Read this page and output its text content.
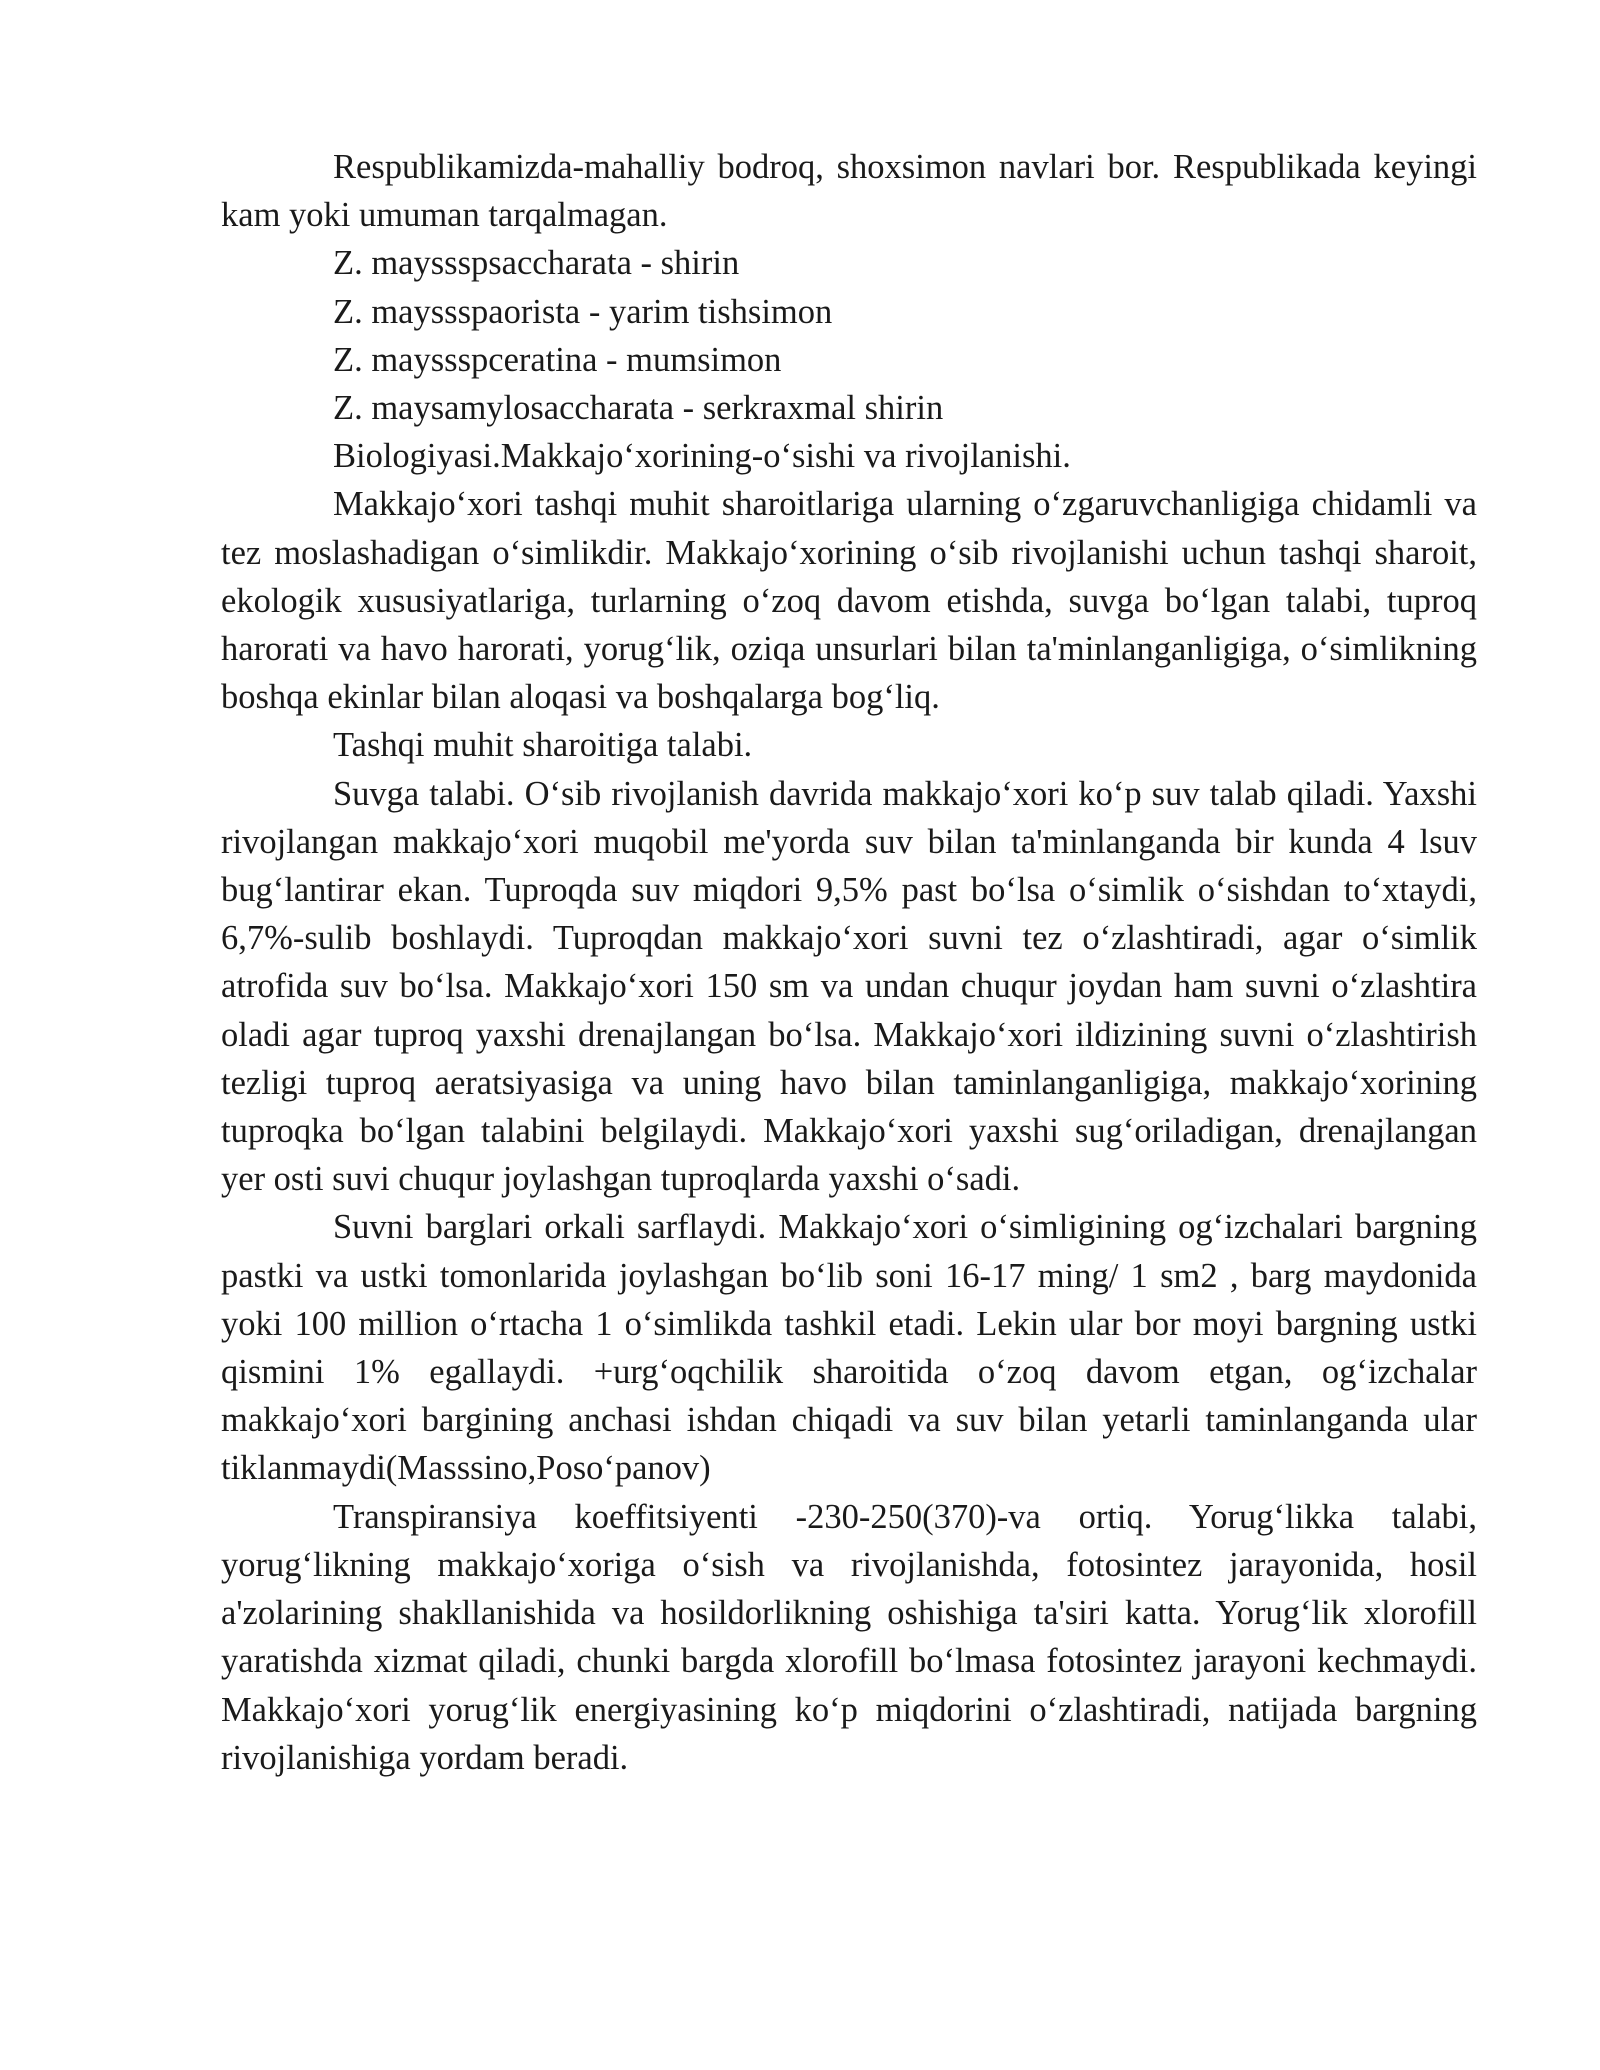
Respublikamizda-mahalliy bodroq, shoxsimon navlari bor. Respublikada keyingi kam yoki umuman tarqalmagan.

Z. mayssspsaccharata - shirin

Z. mayssspaorista - yarim tishsimon

Z. mayssspceratina - mumsimon

Z. maysamylosaccharata - serkraxmal shirin

Biologiyasi.Makkajo‘xorining-o‘sishi va rivojlanishi.

Makkajo‘xori tashqi muhit sharoitlariga ularning o‘zgaruvchanligiga chidamli va tez moslashadigan o‘simlikdir. Makkajo‘xorining o‘sib rivojlanishi uchun tashqi sharoit, ekologik xususiyatlariga, turlarning o‘zoq davom etishda, suvga bo‘lgan talabi, tuproq harorati va havo harorati, yorug‘lik, oziqa unsurlari bilan ta'minlanganligiga, o‘simlikning boshqa ekinlar bilan aloqasi va boshqalarga bog‘liq.

Tashqi muhit sharoitiga talabi.

Suvga talabi. O‘sib rivojlanish davrida makkajo‘xori ko‘p suv talab qiladi. Yaxshi rivojlangan makkajo‘xori muqobil me'yorda suv bilan ta'minlanganda bir kunda 4 lsuv bug‘lantirar ekan. Tuproqda suv miqdori 9,5% past bo‘lsa o‘simlik o‘sishdan to‘xtaydi, 6,7%-sulib boshlaydi. Tuproqdan makkajo‘xori suvni tez o‘zlashtiradi, agar o‘simlik atrofida suv bo‘lsa. Makkajo‘xori 150 sm va undan chuqur joydan ham suvni o‘zlashtira oladi agar tuproq yaxshi drenajlangan bo‘lsa. Makkajo‘xori ildizining suvni o‘zlashtirish tezligi tuproq aeratsiyasiga va uning havo bilan taminlanganligiga, makkajo‘xorining tuproqka bo‘lgan talabini belgilaydi. Makkajo‘xori yaxshi sug‘oriladigan, drenajlangan yer osti suvi chuqur joylashgan tuproqlarda yaxshi o‘sadi.

Suvni barglari orkali sarflaydi. Makkajo‘xori o‘simligining og‘izchalari bargning pastki va ustki tomonlarida joylashgan bo‘lib soni 16-17 ming/ 1 sm2 , barg maydonida yoki 100 million o‘rtacha 1 o‘simlikda tashkil etadi. Lekin ular bor moyi bargning ustki qismini 1% egallaydi. +urg‘oqchilik sharoitida o‘zoq davom etgan, og‘izchalar makkajo‘xori bargining anchasi ishdan chiqadi va suv bilan yetarli taminlanganda ular tiklanmaydi(Masssino,Poso‘panov)

Transpiransiya koeffitsiyenti -230-250(370)-va ortiq. Yorug‘likka talabi, yorug‘likning makkajo‘xoriga o‘sish va rivojlanishda, fotosintez jarayonida, hosil a'zolarining shakllanishida va hosildorlikning oshishiga ta'siri katta. Yorug‘lik xlorofill yaratishda xizmat qiladi, chunki bargda xlorofill bo‘lmasa fotosintez jarayoni kechmaydi. Makkajo‘xori yorug‘lik energiyasining ko‘p miqdorini o‘zlashtiradi, natijada bargning rivojlanishiga yordam beradi.
